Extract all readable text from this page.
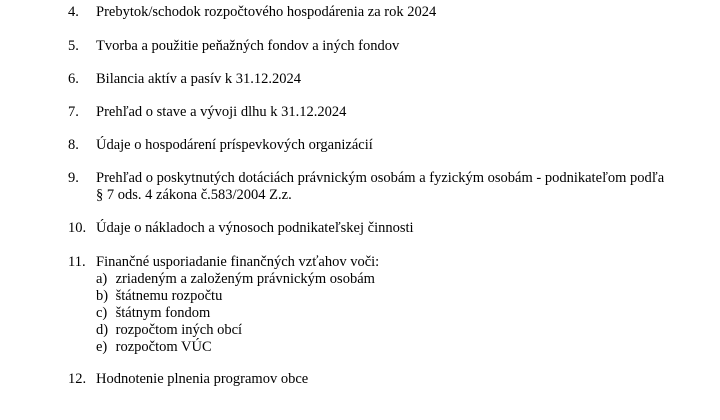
4. Prebytok/schodok rozpočtového hospodárenia za rok 2024
5. Tvorba a použitie peňažných fondov a iných fondov
6. Bilancia aktív a pasív k 31.12.2024
7. Prehľad o stave a vývoji dlhu k 31.12.2024
8. Údaje o hospodárení príspevkových organizácií
9. Prehľad o poskytnutých dotáciách právnickým osobám a fyzickým osobám - podnikateľom podľa
§ 7 ods. 4 zákona č.583/2004 Z.z.
10. Údaje o nákladoch a výnosoch podnikateľskej činnosti
11. Finančné usporiadanie finančných vzťahov voči:
a) zriadeným a založeným právnickým osobám
b) štátnemu rozpočtu
c) štátnym fondom
d) rozpočtom iných obcí
e) rozpočtom VÚC
12. Hodnotenie plnenia programov obce
